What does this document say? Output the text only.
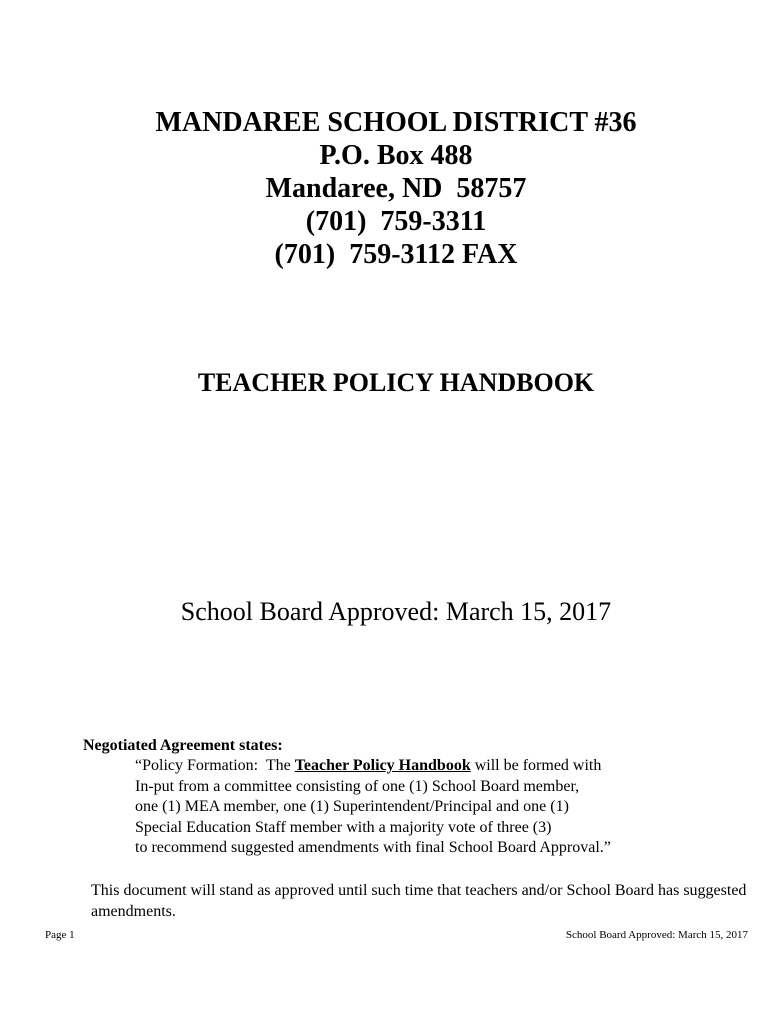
MANDAREE SCHOOL DISTRICT #36
P.O. Box 488
Mandaree, ND  58757
(701)  759-3311
(701)  759-3112 FAX
TEACHER POLICY HANDBOOK
School Board Approved: March 15, 2017
Negotiated Agreement states:
“Policy Formation:  The Teacher Policy Handbook will be formed with
In-put from a committee consisting of one (1) School Board member,
one (1) MEA member, one (1) Superintendent/Principal and one (1)
Special Education Staff member with a majority vote of three (3)
to recommend suggested amendments with final School Board Approval.”
This document will stand as approved until such time that teachers and/or School Board has suggested amendments.
Page 1	School Board Approved: March 15, 2017
